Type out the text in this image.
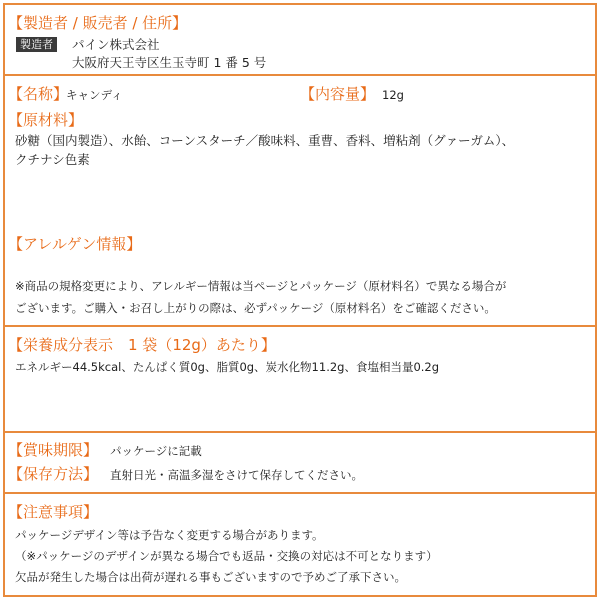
【製造者 / 販売者 / 住所】
製造者	パイン株式会社
大阪府天王寺区生玉寺町 1 番 5 号
【名称】
キャンディ	【内容量】 12g
【原材料】
砂糖（国内製造）、水飴、コーンスターチ／酸味料、重曹、香料、増粘剤（グァーガム）、
クチナシ色素
【アレルゲン情報】
※商品の規格変更により、アレルギー情報は当ページとパッケージ（原材料名）で異なる場合が
ございます。ご購入・お召し上がりの際は、必ずパッケージ（原材料名）をご確認ください。
【栄養成分表示　1 袋（12g）あたり】
エネルギー44.5kcal、たんぱく質0g、脂質0g、炭水化物11.2g、食塩相当量0.2g
【賞味期限】 パッケージに記載
【保存方法】 直射日光・高温多湿をさけて保存してください。
【注意事項】
パッケージデザイン等は予告なく変更する場合があります。
（※パッケージのデザインが異なる場合でも返品・交換の対応は不可となります）
欠品が発生した場合は出荷が遅れる事もございますので予めご了承下さい。
